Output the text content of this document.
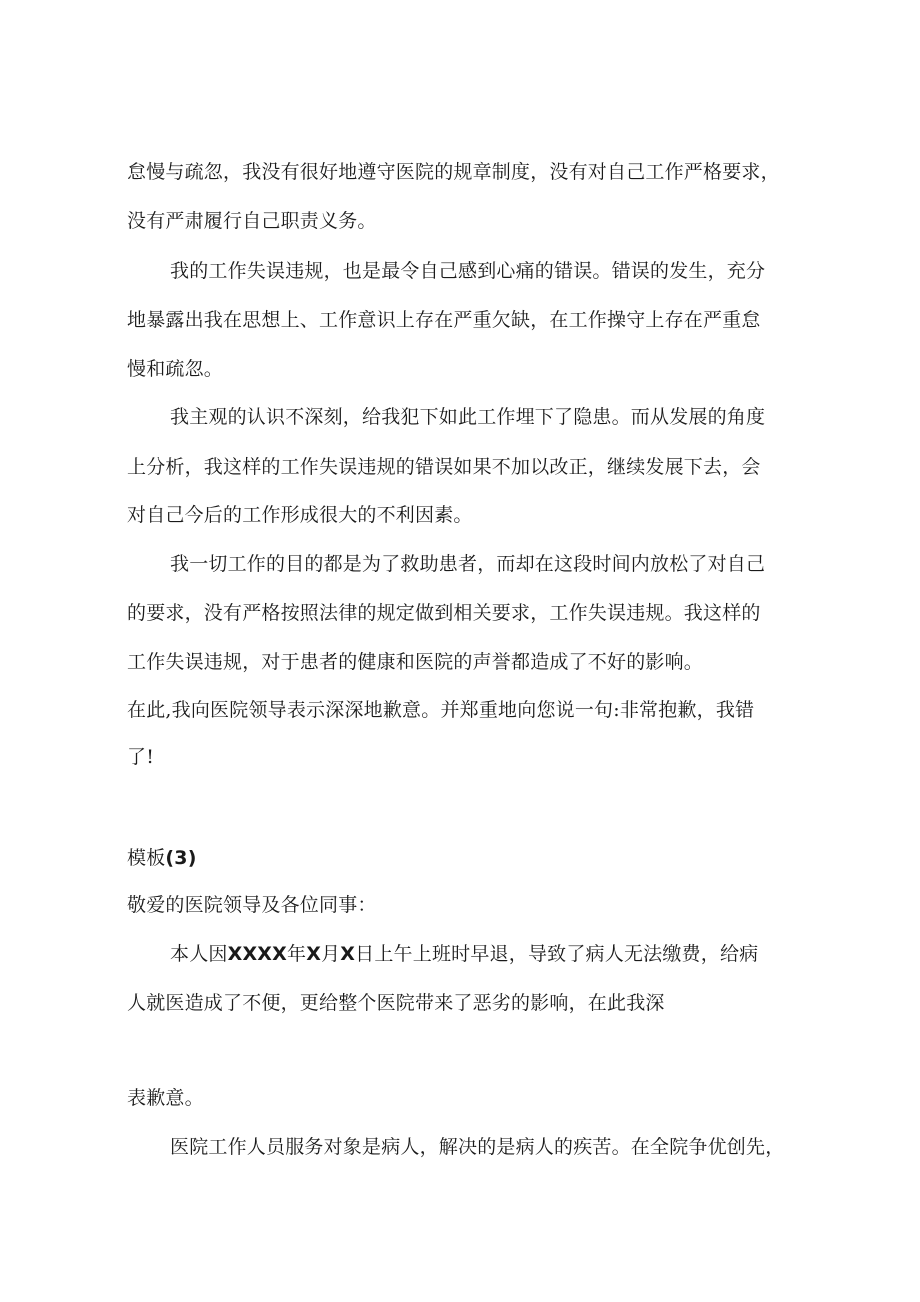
怠慢与疏忽，我没有很好地遵守医院的规章制度，没有对自己工作严格要求，
没有严肃履行自己职责义务。
我的工作失误违规，也是最令自己感到心痛的错误。错误的发生，充分
地暴露出我在思想上、工作意识上存在严重欠缺，在工作操守上存在严重怠
慢和疏忽。
我主观的认识不深刻，给我犯下如此工作埋下了隐患。而从发展的角度
上分析，我这样的工作失误违规的错误如果不加以改正，继续发展下去，会
对自己今后的工作形成很大的不利因素。
我一切工作的目的都是为了救助患者，而却在这段时间内放松了对自己
的要求，没有严格按照法律的规定做到相关要求，工作失误违规。我这样的
工作失误违规，对于患者的健康和医院的声誉都造成了不好的影响。
在此,我向医院领导表示深深地歉意。并郑重地向您说一句:非常抱歉，我错
了!
模板(3)
敬爱的医院领导及各位同事：
本人因XXXX年X月X日上午上班时早退，导致了病人无法缴费，给病
人就医造成了不便，更给整个医院带来了恶劣的影响，在此我深
表歉意。
医院工作人员服务对象是病人，解决的是病人的疾苦。在全院争优创先，
